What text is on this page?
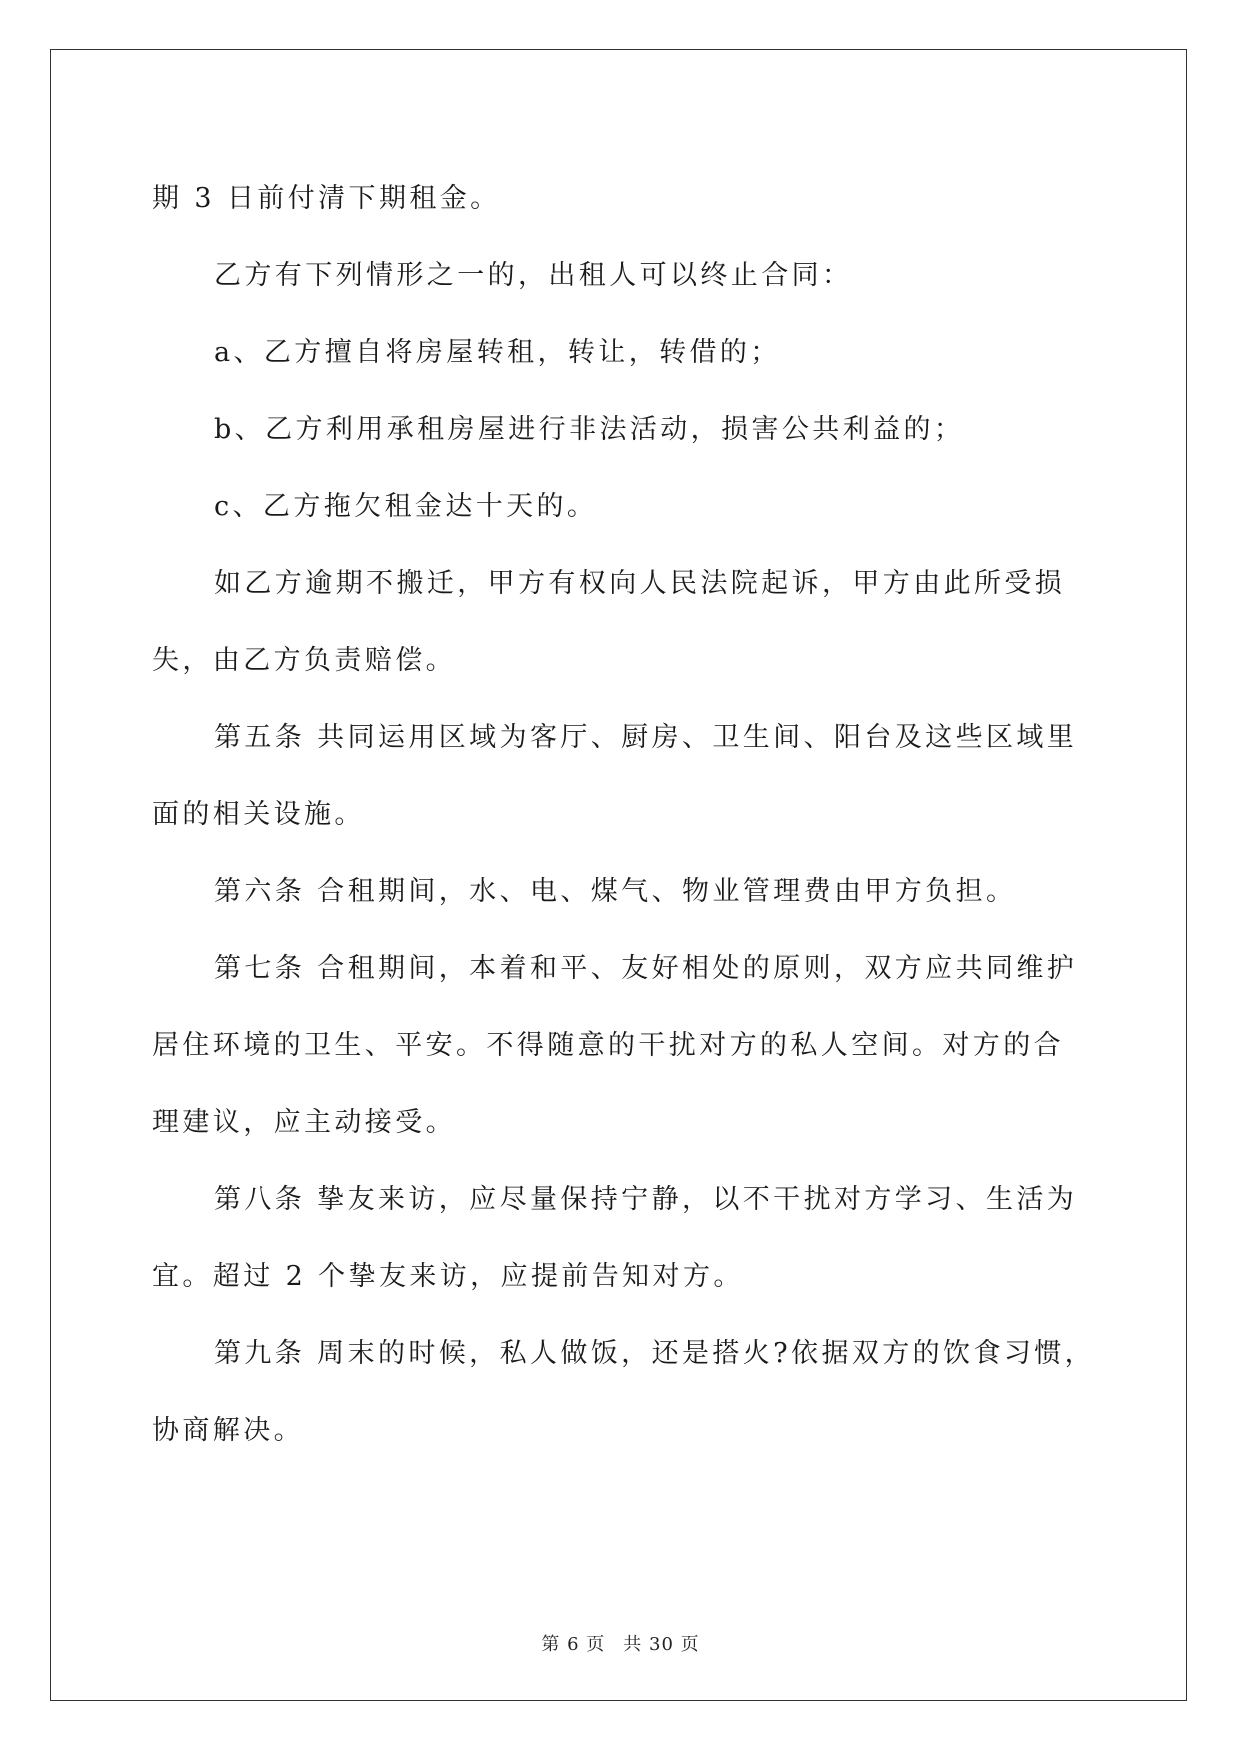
期 3 日前付清下期租金。
乙方有下列情形之一的，出租人可以终止合同：
a、乙方擅自将房屋转租，转让，转借的；
b、乙方利用承租房屋进行非法活动，损害公共利益的；
c、乙方拖欠租金达十天的。
如乙方逾期不搬迁，甲方有权向人民法院起诉，甲方由此所受损
失，由乙方负责赔偿。
第五条 共同运用区域为客厅、厨房、卫生间、阳台及这些区域里
面的相关设施。
第六条 合租期间，水、电、煤气、物业管理费由甲方负担。
第七条 合租期间，本着和平、友好相处的原则，双方应共同维护
居住环境的卫生、平安。不得随意的干扰对方的私人空间。对方的合
理建议，应主动接受。
第八条 挚友来访，应尽量保持宁静，以不干扰对方学习、生活为
宜。超过 2 个挚友来访，应提前告知对方。
第九条 周末的时候，私人做饭，还是搭火?依据双方的饮食习惯，
协商解决。
第 6 页 共 30 页
